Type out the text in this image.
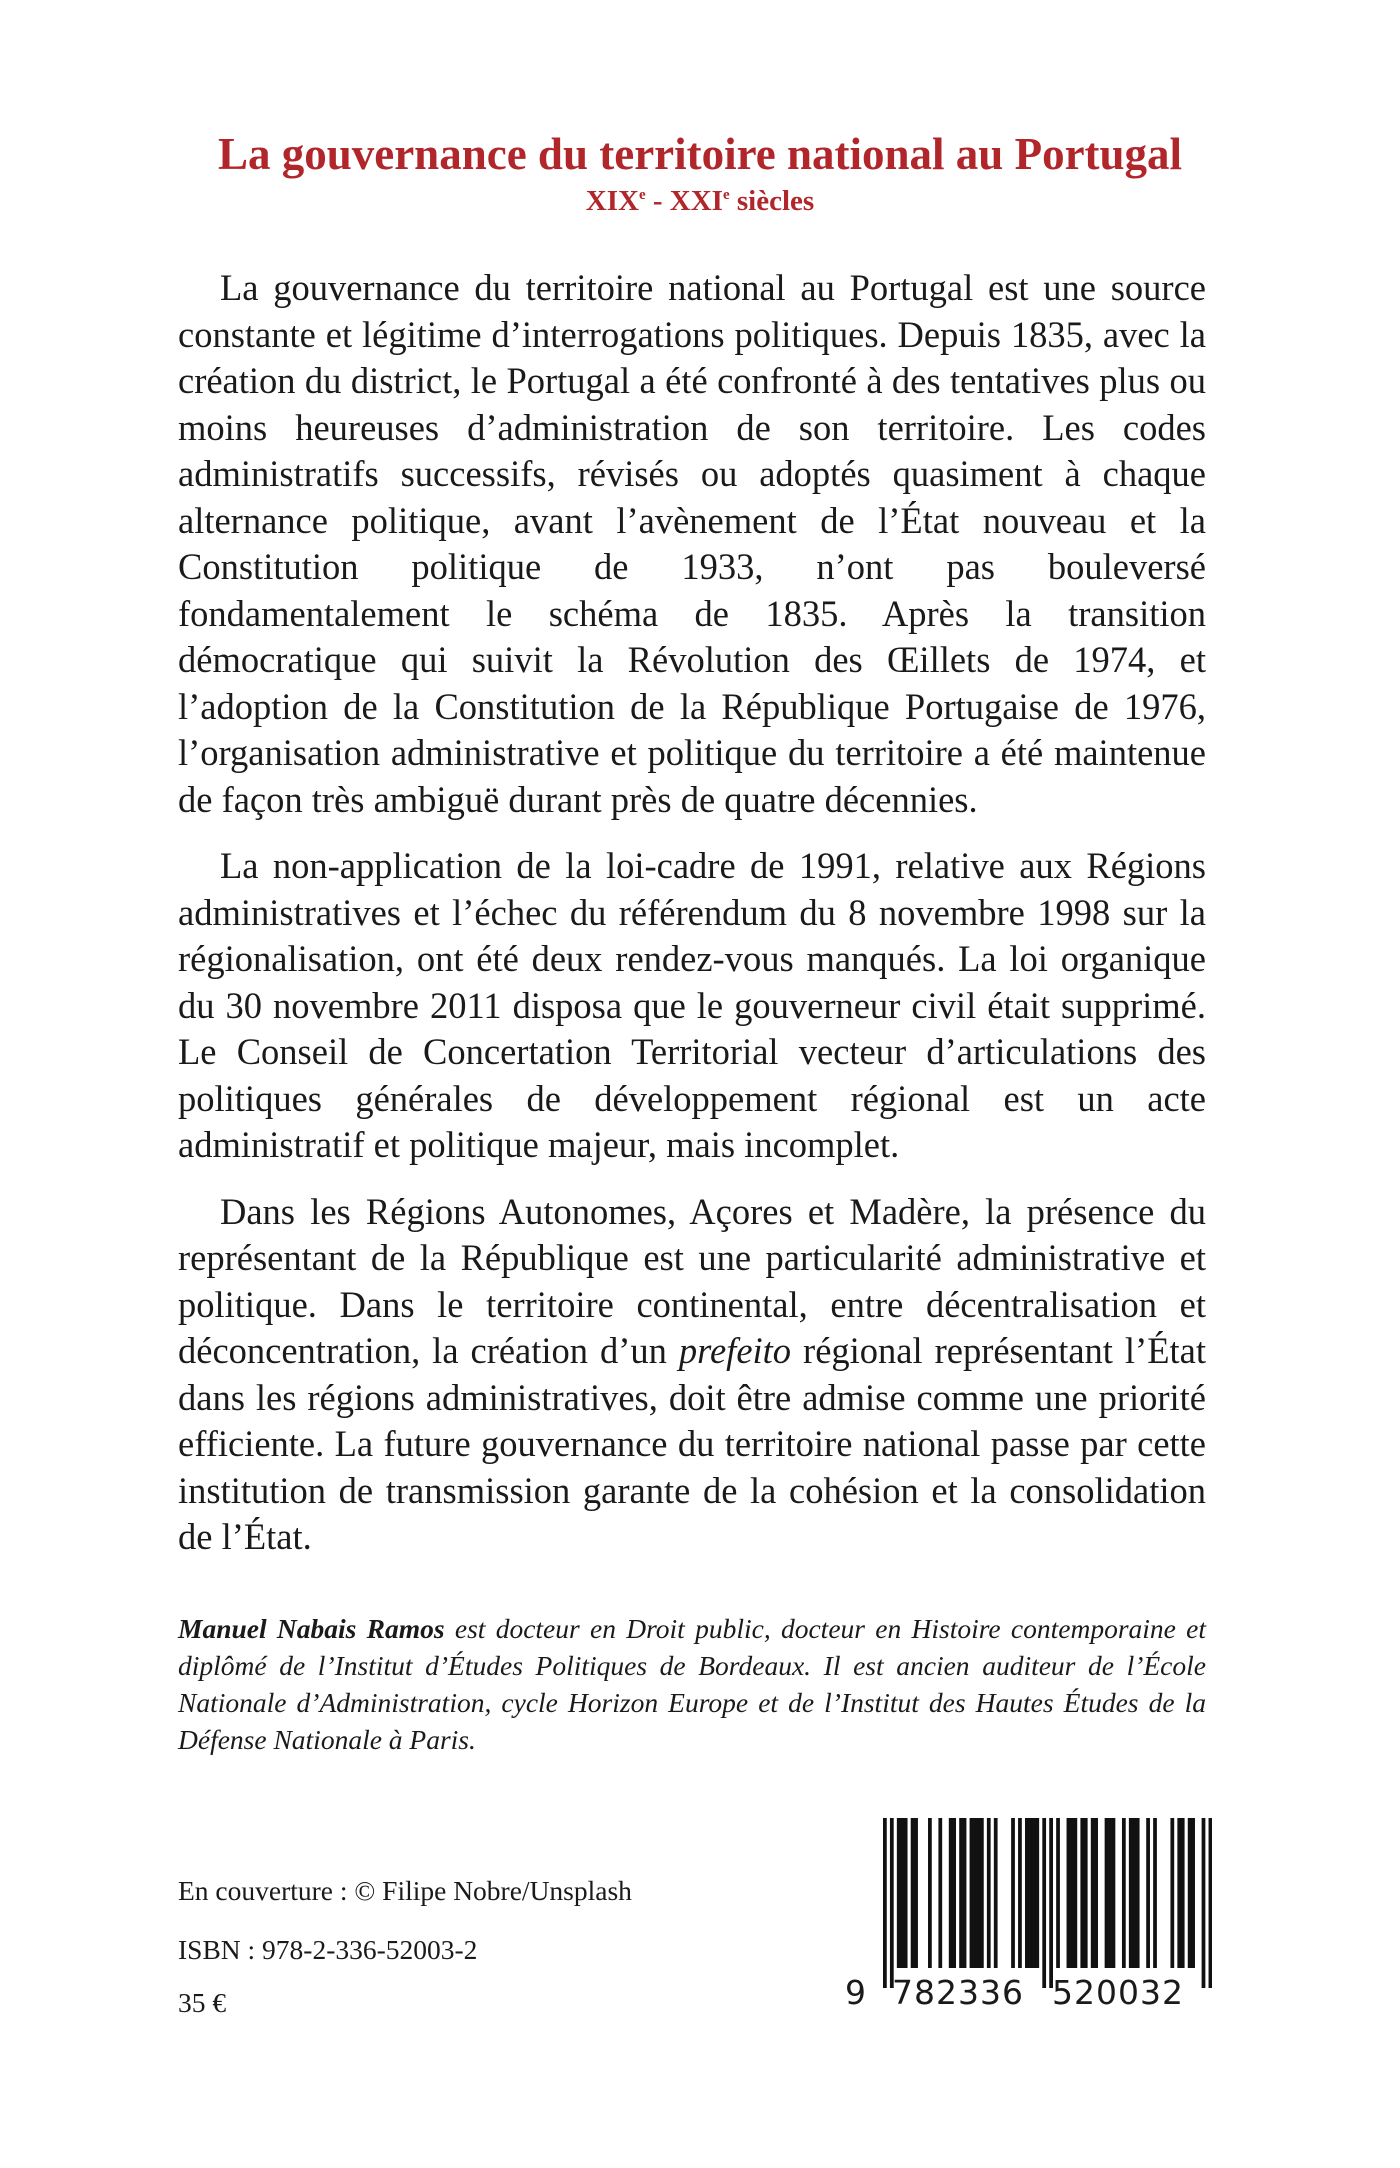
La gouvernance du territoire national au Portugal
XIXe - XXIe siècles

La gouvernance du territoire national au Portugal est une source constante et légitime d’interrogations politiques. Depuis 1835, avec la création du district, le Portugal a été confronté à des tentatives plus ou moins heureuses d’administration de son territoire. Les codes administratifs successifs, révisés ou adoptés quasiment à chaque alternance politique, avant l’avènement de l’État nouveau et la Constitution politique de 1933, n’ont pas bouleversé fondamentalement le schéma de 1835. Après la transition démocratique qui suivit la Révolution des Œillets de 1974, et l’adoption de la Constitution de la République Portugaise de 1976, l’organisation administrative et politique du territoire a été maintenue de façon très ambiguë durant près de quatre décennies.

La non-application de la loi-cadre de 1991, relative aux Régions administratives et l’échec du référendum du 8 novembre 1998 sur la régionalisation, ont été deux rendez-vous manqués. La loi organique du 30 novembre 2011 disposa que le gouverneur civil était supprimé. Le Conseil de Concertation Territorial vecteur d’articulations des politiques générales de développement régional est un acte administratif et politique majeur, mais incomplet.

Dans les Régions Autonomes, Açores et Madère, la présence du représentant de la République est une particularité administrative et politique. Dans le territoire continental, entre décentralisation et déconcentration, la création d’un prefeito régional représentant l’État dans les régions administratives, doit être admise comme une priorité efficiente. La future gouvernance du territoire national passe par cette institution de transmission garante de la cohésion et la consolidation de l’État.

Manuel Nabais Ramos est docteur en Droit public, docteur en Histoire contemporaine et diplômé de l’Institut d’Études Politiques de Bordeaux. Il est ancien auditeur de l’École Nationale d’Administration, cycle Horizon Europe et de l’Institut des Hautes Études de la Défense Nationale à Paris.

En couverture : © Filipe Nobre/Unsplash
ISBN : 978-2-336-52003-2
35 €	9 782336 520032
